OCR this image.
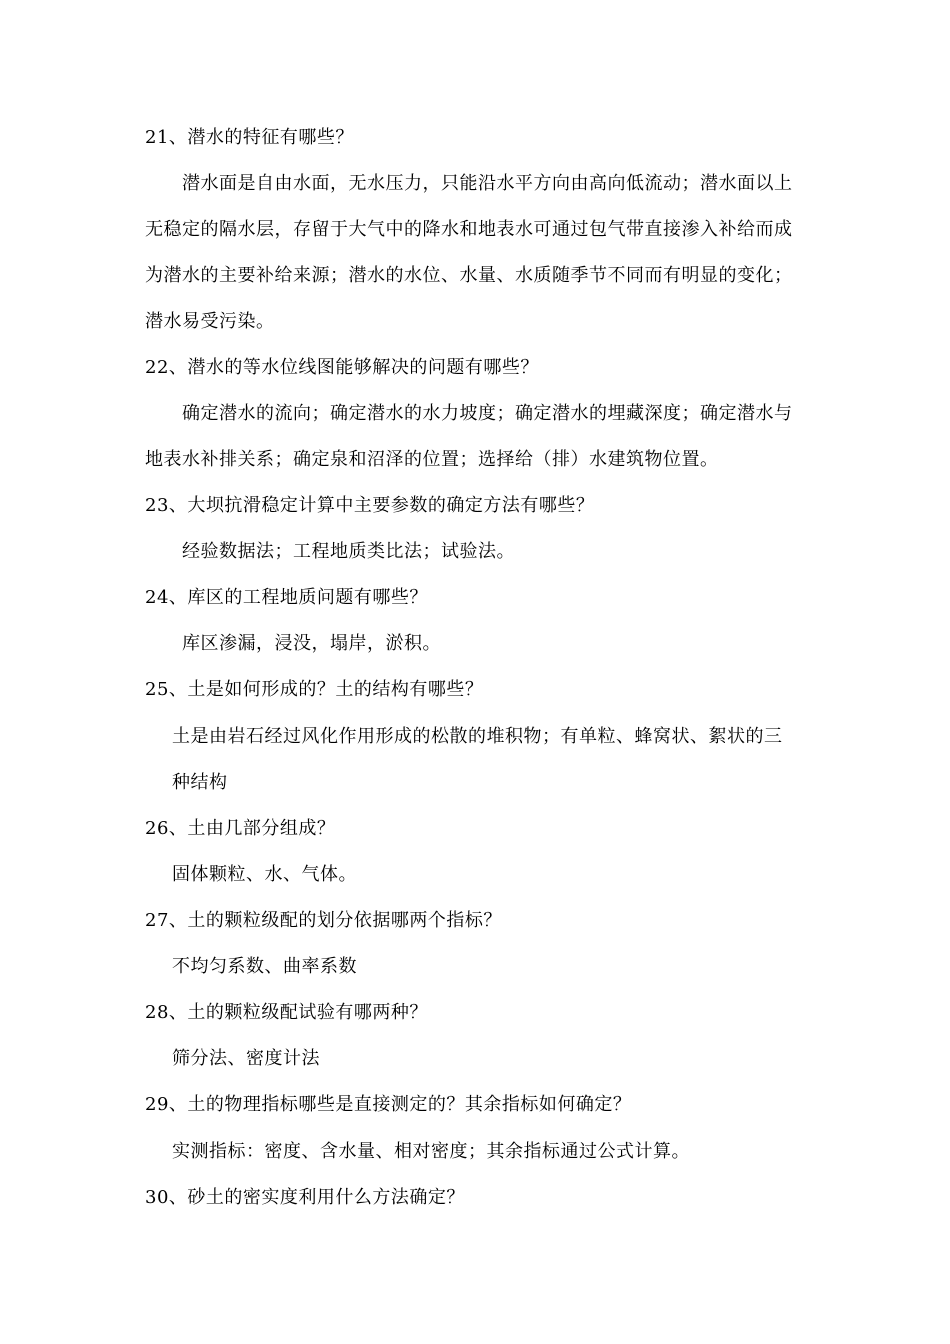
21、潜水的特征有哪些？
潜水面是自由水面，无水压力，只能沿水平方向由高向低流动；潜水面以上
无稳定的隔水层，存留于大气中的降水和地表水可通过包气带直接渗入补给而成
为潜水的主要补给来源；潜水的水位、水量、水质随季节不同而有明显的变化；
潜水易受污染。
22、潜水的等水位线图能够解决的问题有哪些？
确定潜水的流向；确定潜水的水力坡度；确定潜水的埋藏深度；确定潜水与
地表水补排关系；确定泉和沼泽的位置；选择给（排）水建筑物位置。
23、大坝抗滑稳定计算中主要参数的确定方法有哪些？
经验数据法；工程地质类比法；试验法。
24、库区的工程地质问题有哪些？
库区渗漏，浸没，塌岸，淤积。
25、土是如何形成的？土的结构有哪些？
土是由岩石经过风化作用形成的松散的堆积物；有单粒、蜂窝状、絮状的三
种结构
26、土由几部分组成？
固体颗粒、水、气体。
27、土的颗粒级配的划分依据哪两个指标？
不均匀系数、曲率系数
28、土的颗粒级配试验有哪两种？
筛分法、密度计法
29、土的物理指标哪些是直接测定的？其余指标如何确定？
实测指标：密度、含水量、相对密度；其余指标通过公式计算。
30、砂土的密实度利用什么方法确定？
